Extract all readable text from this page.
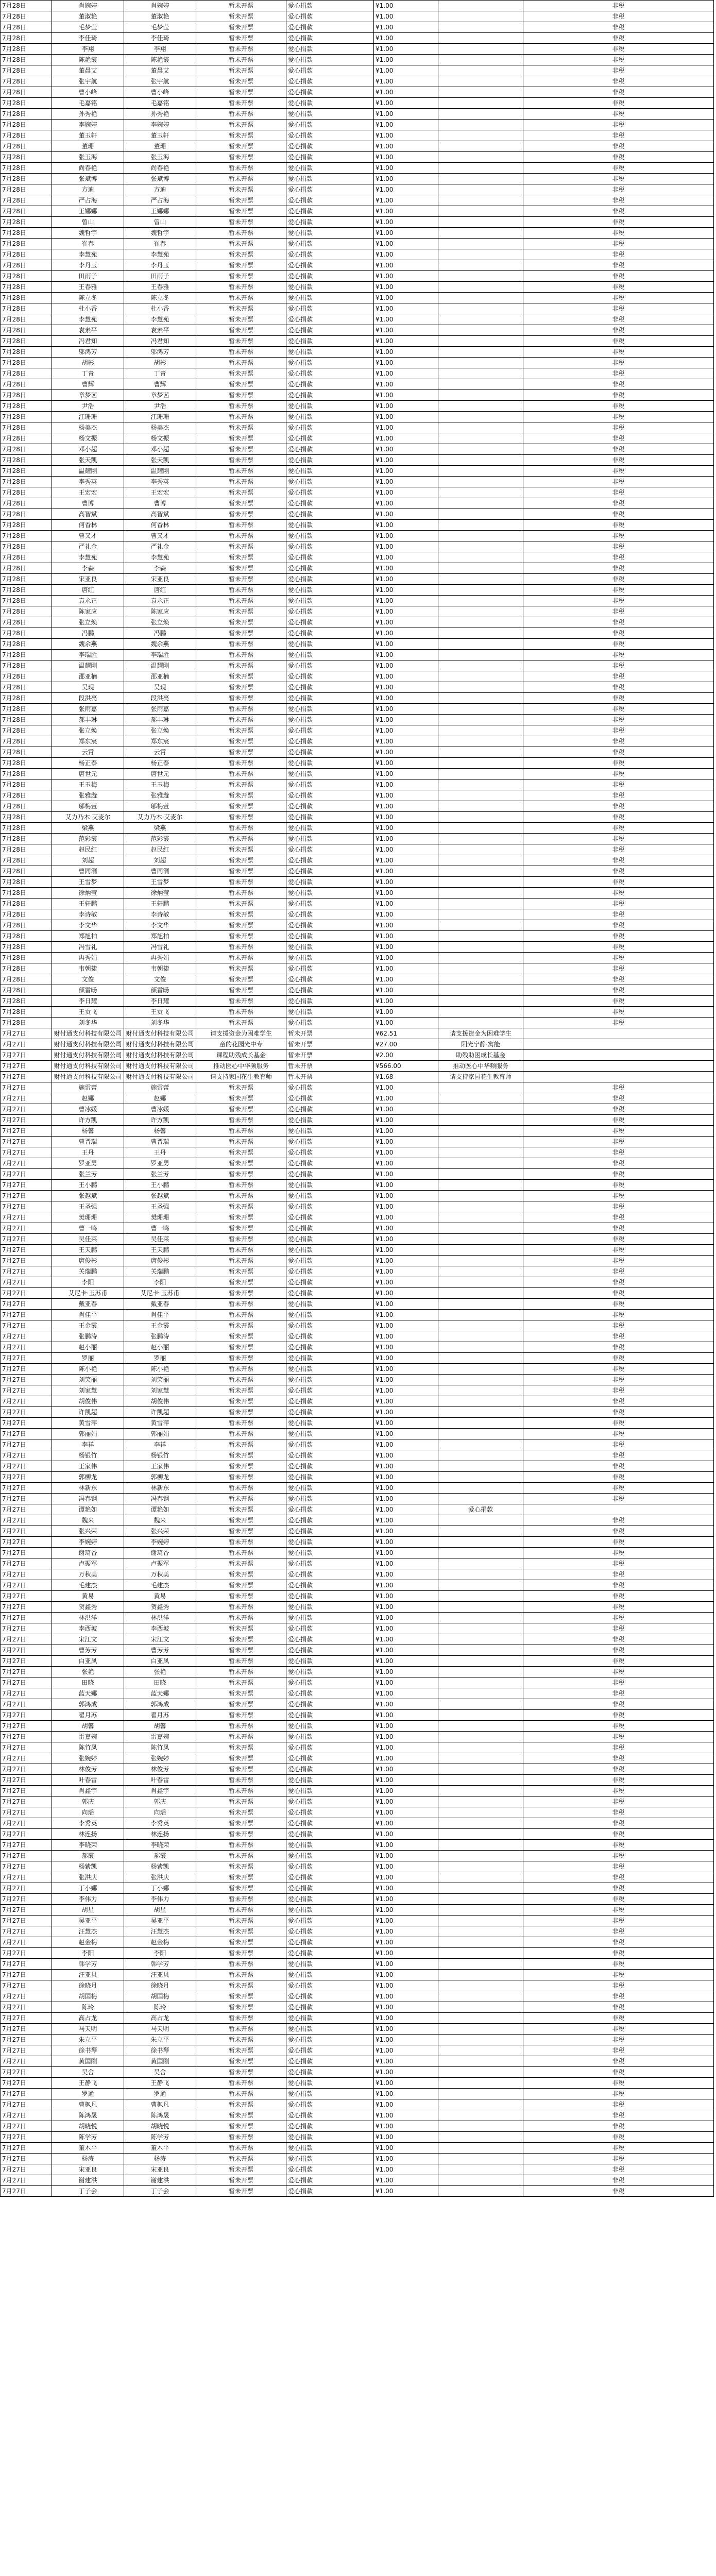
7月28日	肖婉婷	肖婉婷	暂未开票	爱心捐款	¥1.00		非税
7月28日	董淑艳	董淑艳	暂未开票	爱心捐款	¥1.00		非税
7月28日	毛梦莹	毛梦莹	暂未开票	爱心捐款	¥1.00		非税
7月28日	李佳琦	李佳琦	暂未开票	爱心捐款	¥1.00		非税
7月28日	李翔	李翔	暂未开票	爱心捐款	¥1.00		非税
7月28日	陈艳霞	陈艳霞	暂未开票	爱心捐款	¥1.00		非税
7月28日	董晨艾	董晨艾	暂未开票	爱心捐款	¥1.00		非税
7月28日	张宇航	张宇航	暂未开票	爱心捐款	¥1.00		非税
7月28日	曹小峰	曹小峰	暂未开票	爱心捐款	¥1.00		非税
7月28日	毛嘉铭	毛嘉铭	暂未开票	爱心捐款	¥1.00		非税
7月28日	孙秀艳	孙秀艳	暂未开票	爱心捐款	¥1.00		非税
7月28日	李婉婷	李婉婷	暂未开票	爱心捐款	¥1.00		非税
7月28日	董玉轩	董玉轩	暂未开票	爱心捐款	¥1.00		非税
7月28日	董珊	董珊	暂未开票	爱心捐款	¥1.00		非税
7月28日	张玉海	张玉海	暂未开票	爱心捐款	¥1.00		非税
7月28日	尚春艳	尚春艳	暂未开票	爱心捐款	¥1.00		非税
7月28日	张斌博	张斌博	暂未开票	爱心捐款	¥1.00		非税
7月28日	方迪	方迪	暂未开票	爱心捐款	¥1.00		非税
7月28日	严占海	严占海	暂未开票	爱心捐款	¥1.00		非税
7月28日	王娜娜	王娜娜	暂未开票	爱心捐款	¥1.00		非税
7月28日	曾山	曾山	暂未开票	爱心捐款	¥1.00		非税
7月28日	魏哲宇	魏哲宇	暂未开票	爱心捐款	¥1.00		非税
7月28日	崔春	崔春	暂未开票	爱心捐款	¥1.00		非税
7月28日	李慧苑	李慧苑	暂未开票	爱心捐款	¥1.00		非税
7月28日	李丹玉	李丹玉	暂未开票	爱心捐款	¥1.00		非税
7月28日	田雨子	田雨子	暂未开票	爱心捐款	¥1.00		非税
7月28日	王春雅	王春雅	暂未开票	爱心捐款	¥1.00		非税
7月28日	陈立冬	陈立冬	暂未开票	爱心捐款	¥1.00		非税
7月28日	杜小香	杜小香	暂未开票	爱心捐款	¥1.00		非税
7月28日	李慧苑	李慧苑	暂未开票	爱心捐款	¥1.00		非税
7月28日	袁素平	袁素平	暂未开票	爱心捐款	¥1.00		非税
7月28日	冯君知	冯君知	暂未开票	爱心捐款	¥1.00		非税
7月28日	邬鸿芳	邬鸿芳	暂未开票	爱心捐款	¥1.00		非税
7月28日	胡彬	胡彬	暂未开票	爱心捐款	¥1.00		非税
7月28日	丁青	丁青	暂未开票	爱心捐款	¥1.00		非税
7月28日	曹辉	曹辉	暂未开票	爱心捐款	¥1.00		非税
7月28日	章梦茜	章梦茜	暂未开票	爱心捐款	¥1.00		非税
7月28日	尹浩	尹浩	暂未开票	爱心捐款	¥1.00		非税
7月28日	江珊珊	江珊珊	暂未开票	爱心捐款	¥1.00		非税
7月28日	杨美杰	杨美杰	暂未开票	爱心捐款	¥1.00		非税
7月28日	杨文振	杨文振	暂未开票	爱心捐款	¥1.00		非税
7月28日	邓小超	邓小超	暂未开票	爱心捐款	¥1.00		非税
7月28日	张天凯	张天凯	暂未开票	爱心捐款	¥1.00		非税
7月28日	温耀刚	温耀刚	暂未开票	爱心捐款	¥1.00		非税
7月28日	李秀英	李秀英	暂未开票	爱心捐款	¥1.00		非税
7月28日	王宏宏	王宏宏	暂未开票	爱心捐款	¥1.00		非税
7月28日	曹博	曹博	暂未开票	爱心捐款	¥1.00		非税
7月28日	高智斌	高智斌	暂未开票	爱心捐款	¥1.00		非税
7月28日	何香林	何香林	暂未开票	爱心捐款	¥1.00		非税
7月28日	曹又才	曹又才	暂未开票	爱心捐款	¥1.00		非税
7月28日	严礼金	严礼金	暂未开票	爱心捐款	¥1.00		非税
7月28日	李慧苑	李慧苑	暂未开票	爱心捐款	¥1.00		非税
7月28日	李森	李森	暂未开票	爱心捐款	¥1.00		非税
7月28日	宋亚良	宋亚良	暂未开票	爱心捐款	¥1.00		非税
7月28日	唐红	唐红	暂未开票	爱心捐款	¥1.00		非税
7月28日	袁永正	袁永正	暂未开票	爱心捐款	¥1.00		非税
7月28日	陈家应	陈家应	暂未开票	爱心捐款	¥1.00		非税
7月28日	张立焕	张立焕	暂未开票	爱心捐款	¥1.00		非税
7月28日	冯鹏	冯鹏	暂未开票	爱心捐款	¥1.00		非税
7月28日	魏余燕	魏余燕	暂未开票	爱心捐款	¥1.00		非税
7月28日	李瑞胜	李瑞胜	暂未开票	爱心捐款	¥1.00		非税
7月28日	温耀刚	温耀刚	暂未开票	爱心捐款	¥1.00		非税
7月28日	邵亚楠	邵亚楠	暂未开票	爱心捐款	¥1.00		非税
7月28日	吴现	吴现	暂未开票	爱心捐款	¥1.00		非税
7月28日	段洪亮	段洪亮	暂未开票	爱心捐款	¥1.00		非税
7月28日	张雨嘉	张雨嘉	暂未开票	爱心捐款	¥1.00		非税
7月28日	郝丰琳	郝丰琳	暂未开票	爱心捐款	¥1.00		非税
7月28日	张立焕	张立焕	暂未开票	爱心捐款	¥1.00		非税
7月28日	郑东宸	郑东宸	暂未开票	爱心捐款	¥1.00		非税
7月28日	云霄	云霄	暂未开票	爱心捐款	¥1.00		非税
7月28日	杨正泰	杨正泰	暂未开票	爱心捐款	¥1.00		非税
7月28日	唐世元	唐世元	暂未开票	爱心捐款	¥1.00		非税
7月28日	王玉梅	王玉梅	暂未开票	爱心捐款	¥1.00		非税
7月28日	张雅璇	张雅璇	暂未开票	爱心捐款	¥1.00		非税
7月28日	邬梅萱	邬梅萱	暂未开票	爱心捐款	¥1.00		非税
7月28日	艾力乃木·艾麦尔	艾力乃木·艾麦尔	暂未开票	爱心捐款	¥1.00		非税
7月28日	梁燕	梁燕	暂未开票	爱心捐款	¥1.00		非税
7月28日	范彩霞	范彩霞	暂未开票	爱心捐款	¥1.00		非税
7月28日	赵民红	赵民红	暂未开票	爱心捐款	¥1.00		非税
7月28日	刘超	刘超	暂未开票	爱心捐款	¥1.00		非税
7月28日	曹同洞	曹同洞	暂未开票	爱心捐款	¥1.00		非税
7月28日	王雪梦	王雪梦	暂未开票	爱心捐款	¥1.00		非税
7月28日	徐炳莹	徐炳莹	暂未开票	爱心捐款	¥1.00		非税
7月28日	王轩鹏	王轩鹏	暂未开票	爱心捐款	¥1.00		非税
7月28日	李诗敏	李诗敏	暂未开票	爱心捐款	¥1.00		非税
7月28日	李文华	李文华	暂未开票	爱心捐款	¥1.00		非税
7月28日	郑旭柏	郑旭柏	暂未开票	爱心捐款	¥1.00		非税
7月28日	冯雪礼	冯雪礼	暂未开票	爱心捐款	¥1.00		非税
7月28日	冉秀娟	冉秀娟	暂未开票	爱心捐款	¥1.00		非税
7月28日	韦朝捷	韦朝捷	暂未开票	爱心捐款	¥1.00		非税
7月28日	文俊	文俊	暂未开票	爱心捐款	¥1.00		非税
7月28日	颜雷旸	颜雷旸	暂未开票	爱心捐款	¥1.00		非税
7月28日	李日耀	李日耀	暂未开票	爱心捐款	¥1.00		非税
7月28日	王贡飞	王贡飞	暂未开票	爱心捐款	¥1.00		非税
7月28日	刘冬华	刘冬华	暂未开票	爱心捐款	¥1.00		非税
7月27日	财付通支付科技有限公司	财付通支付科技有限公司	请支援资金为困难学生	暂未开票	¥62.51	请支援资金为困难学生	
7月27日	财付通支付科技有限公司	财付通支付科技有限公司	童的花园光中专	暂未开票	¥27.00	阳光宁静·寓能	
7月27日	财付通支付科技有限公司	财付通支付科技有限公司	课程助残成长基金	暂未开票	¥2.00	助残助困成长基金	
7月27日	财付通支付科技有限公司	财付通支付科技有限公司	推动医心中华频服务	暂未开票	¥566.00	推动医心中华频服务	
7月27日	财付通支付科技有限公司	财付通支付科技有限公司	请支持家园花生教育师	暂未开票	¥1.68	请支持家园花生教育师	
7月27日	施雷蕾	施雷蕾	暂未开票	爱心捐款	¥1.00		非税
7月27日	赵娜	赵娜	暂未开票	爱心捐款	¥1.00		非税
7月27日	曹冰媛	曹冰媛	暂未开票	爱心捐款	¥1.00		非税
7月27日	许方凯	许方凯	暂未开票	爱心捐款	¥1.00		非税
7月27日	杨馨	杨馨	暂未开票	爱心捐款	¥1.00		非税
7月27日	曹晋瑞	曹晋瑞	暂未开票	爱心捐款	¥1.00		非税
7月27日	王丹	王丹	暂未开票	爱心捐款	¥1.00		非税
7月27日	罗亚男	罗亚男	暂未开票	爱心捐款	¥1.00		非税
7月27日	张兰芳	张兰芳	暂未开票	爱心捐款	¥1.00		非税
7月27日	王小鹏	王小鹏	暂未开票	爱心捐款	¥1.00		非税
7月27日	张越斌	张越斌	暂未开票	爱心捐款	¥1.00		非税
7月27日	王圣强	王圣强	暂未开票	爱心捐款	¥1.00		非税
7月27日	樊珊珊	樊珊珊	暂未开票	爱心捐款	¥1.00		非税
7月27日	曹一鸣	曹一鸣	暂未开票	爱心捐款	¥1.00		非税
7月27日	吴佳莱	吴佳莱	暂未开票	爱心捐款	¥1.00		非税
7月27日	王天鹏	王天鹏	暂未开票	爱心捐款	¥1.00		非税
7月27日	唐俊彬	唐俊彬	暂未开票	爱心捐款	¥1.00		非税
7月27日	关瑞鹏	关瑞鹏	暂未开票	爱心捐款	¥1.00		非税
7月27日	李阳	李阳	暂未开票	爱心捐款	¥1.00		非税
7月27日	艾尼卡·玉苏甫	艾尼卡·玉苏甫	暂未开票	爱心捐款	¥1.00		非税
7月27日	戴亚春	戴亚春	暂未开票	爱心捐款	¥1.00		非税
7月27日	肖佳平	肖佳平	暂未开票	爱心捐款	¥1.00		非税
7月27日	王金霞	王金霞	暂未开票	爱心捐款	¥1.00		非税
7月27日	张鹏涛	张鹏涛	暂未开票	爱心捐款	¥1.00		非税
7月27日	赵小丽	赵小丽	暂未开票	爱心捐款	¥1.00		非税
7月27日	罗丽	罗丽	暂未开票	爱心捐款	¥1.00		非税
7月27日	陈小艳	陈小艳	暂未开票	爱心捐款	¥1.00		非税
7月27日	刘笑丽	刘笑丽	暂未开票	爱心捐款	¥1.00		非税
7月27日	刘家慧	刘家慧	暂未开票	爱心捐款	¥1.00		非税
7月27日	胡俊伟	胡俊伟	暂未开票	爱心捐款	¥1.00		非税
7月27日	许凯超	许凯超	暂未开票	爱心捐款	¥1.00		非税
7月27日	黄雪萍	黄雪萍	暂未开票	爱心捐款	¥1.00		非税
7月27日	郭丽娟	郭丽娟	暂未开票	爱心捐款	¥1.00		非税
7月27日	李祥	李祥	暂未开票	爱心捐款	¥1.00		非税
7月27日	杨银竹	杨银竹	暂未开票	爱心捐款	¥1.00		非税
7月27日	王家伟	王家伟	暂未开票	爱心捐款	¥1.00		非税
7月27日	郭柳龙	郭柳龙	暂未开票	爱心捐款	¥1.00		非税
7月27日	林新东	林新东	暂未开票	爱心捐款	¥1.00		非税
7月27日	冯春钢	冯春钢	暂未开票	爱心捐款	¥1.00		非税
7月27日	谭艳如	谭艳如	暂未开票	爱心捐款	¥1.00	爱心捐款	
7月27日	魏来	魏来	暂未开票	爱心捐款	¥1.00		非税
7月27日	张兴荣	张兴荣	暂未开票	爱心捐款	¥1.00		非税
7月27日	李婉婷	李婉婷	暂未开票	爱心捐款	¥1.00		非税
7月27日	谢琦香	谢琦香	暂未开票	爱心捐款	¥1.00		非税
7月27日	卢振军	卢振军	暂未开票	爱心捐款	¥1.00		非税
7月27日	万秋美	万秋美	暂未开票	爱心捐款	¥1.00		非税
7月27日	毛建杰	毛建杰	暂未开票	爱心捐款	¥1.00		非税
7月27日	黄易	黄易	暂未开票	爱心捐款	¥1.00		非税
7月27日	贺鑫秀	贺鑫秀	暂未开票	爱心捐款	¥1.00		非税
7月27日	林洪洋	林洪洋	暂未开票	爱心捐款	¥1.00		非税
7月27日	李西坡	李西坡	暂未开票	爱心捐款	¥1.00		非税
7月27日	宋江文	宋江文	暂未开票	爱心捐款	¥1.00		非税
7月27日	曹芳芳	曹芳芳	暂未开票	爱心捐款	¥1.00		非税
7月27日	白亚凤	白亚凤	暂未开票	爱心捐款	¥1.00		非税
7月27日	张艳	张艳	暂未开票	爱心捐款	¥1.00		非税
7月27日	田晓	田晓	暂未开票	爱心捐款	¥1.00		非税
7月27日	蓝天娜	蓝天娜	暂未开票	爱心捐款	¥1.00		非税
7月27日	郭鸿成	郭鸿成	暂未开票	爱心捐款	¥1.00		非税
7月27日	翟月苏	翟月苏	暂未开票	爱心捐款	¥1.00		非税
7月27日	胡馨	胡馨	暂未开票	爱心捐款	¥1.00		非税
7月27日	雷嘉婉	雷嘉婉	暂未开票	爱心捐款	¥1.00		非税
7月27日	陈竹凤	陈竹凤	暂未开票	爱心捐款	¥1.00		非税
7月27日	张婉婷	张婉婷	暂未开票	爱心捐款	¥1.00		非税
7月27日	林俊芳	林俊芳	暂未开票	爱心捐款	¥1.00		非税
7月27日	叶春雷	叶春雷	暂未开票	爱心捐款	¥1.00		非税
7月27日	肖鑫宇	肖鑫宇	暂未开票	爱心捐款	¥1.00		非税
7月27日	郭庆	郭庆	暂未开票	爱心捐款	¥1.00		非税
7月27日	向瑶	向瑶	暂未开票	爱心捐款	¥1.00		非税
7月27日	李秀英	李秀英	暂未开票	爱心捐款	¥1.00		非税
7月27日	林连扬	林连扬	暂未开票	爱心捐款	¥1.00		非税
7月27日	李晓荣	李晓荣	暂未开票	爱心捐款	¥1.00		非税
7月27日	郝霞	郝霞	暂未开票	爱心捐款	¥1.00		非税
7月27日	杨紫凯	杨紫凯	暂未开票	爱心捐款	¥1.00		非税
7月27日	张洪庆	张洪庆	暂未开票	爱心捐款	¥1.00		非税
7月27日	丁小娜	丁小娜	暂未开票	爱心捐款	¥1.00		非税
7月27日	李伟力	李伟力	暂未开票	爱心捐款	¥1.00		非税
7月27日	胡星	胡星	暂未开票	爱心捐款	¥1.00		非税
7月27日	吴亚平	吴亚平	暂未开票	爱心捐款	¥1.00		非税
7月27日	汪慧杰	汪慧杰	暂未开票	爱心捐款	¥1.00		非税
7月27日	赵金梅	赵金梅	暂未开票	爱心捐款	¥1.00		非税
7月27日	李阳	李阳	暂未开票	爱心捐款	¥1.00		非税
7月27日	韩学芳	韩学芳	暂未开票	爱心捐款	¥1.00		非税
7月27日	汪亚贝	汪亚贝	暂未开票	爱心捐款	¥1.00		非税
7月27日	徐晓月	徐晓月	暂未开票	爱心捐款	¥1.00		非税
7月27日	胡国梅	胡国梅	暂未开票	爱心捐款	¥1.00		非税
7月27日	陈玲	陈玲	暂未开票	爱心捐款	¥1.00		非税
7月27日	高占龙	高占龙	暂未开票	爱心捐款	¥1.00		非税
7月27日	马天明	马天明	暂未开票	爱心捐款	¥1.00		非税
7月27日	朱立平	朱立平	暂未开票	爱心捐款	¥1.00		非税
7月27日	徐书琴	徐书琴	暂未开票	爱心捐款	¥1.00		非税
7月27日	黄国刚	黄国刚	暂未开票	爱心捐款	¥1.00		非税
7月27日	吴舍	吴舍	暂未开票	爱心捐款	¥1.00		非税
7月27日	王静飞	王静飞	暂未开票	爱心捐款	¥1.00		非税
7月27日	罗通	罗通	暂未开票	爱心捐款	¥1.00		非税
7月27日	曹枫凡	曹枫凡	暂未开票	爱心捐款	¥1.00		非税
7月27日	陈鸿晟	陈鸿晟	暂未开票	爱心捐款	¥1.00		非税
7月27日	胡晓悦	胡晓悦	暂未开票	爱心捐款	¥1.00		非税
7月27日	陈学芳	陈学芳	暂未开票	爱心捐款	¥1.00		非税
7月27日	董木平	董木平	暂未开票	爱心捐款	¥1.00		非税
7月27日	杨涛	杨涛	暂未开票	爱心捐款	¥1.00		非税
7月27日	宋亚良	宋亚良	暂未开票	爱心捐款	¥1.00		非税
7月27日	谢建洪	谢建洪	暂未开票	爱心捐款	¥1.00		非税
7月27日	丁子会	丁子会	暂未开票	爱心捐款	¥1.00		非税
